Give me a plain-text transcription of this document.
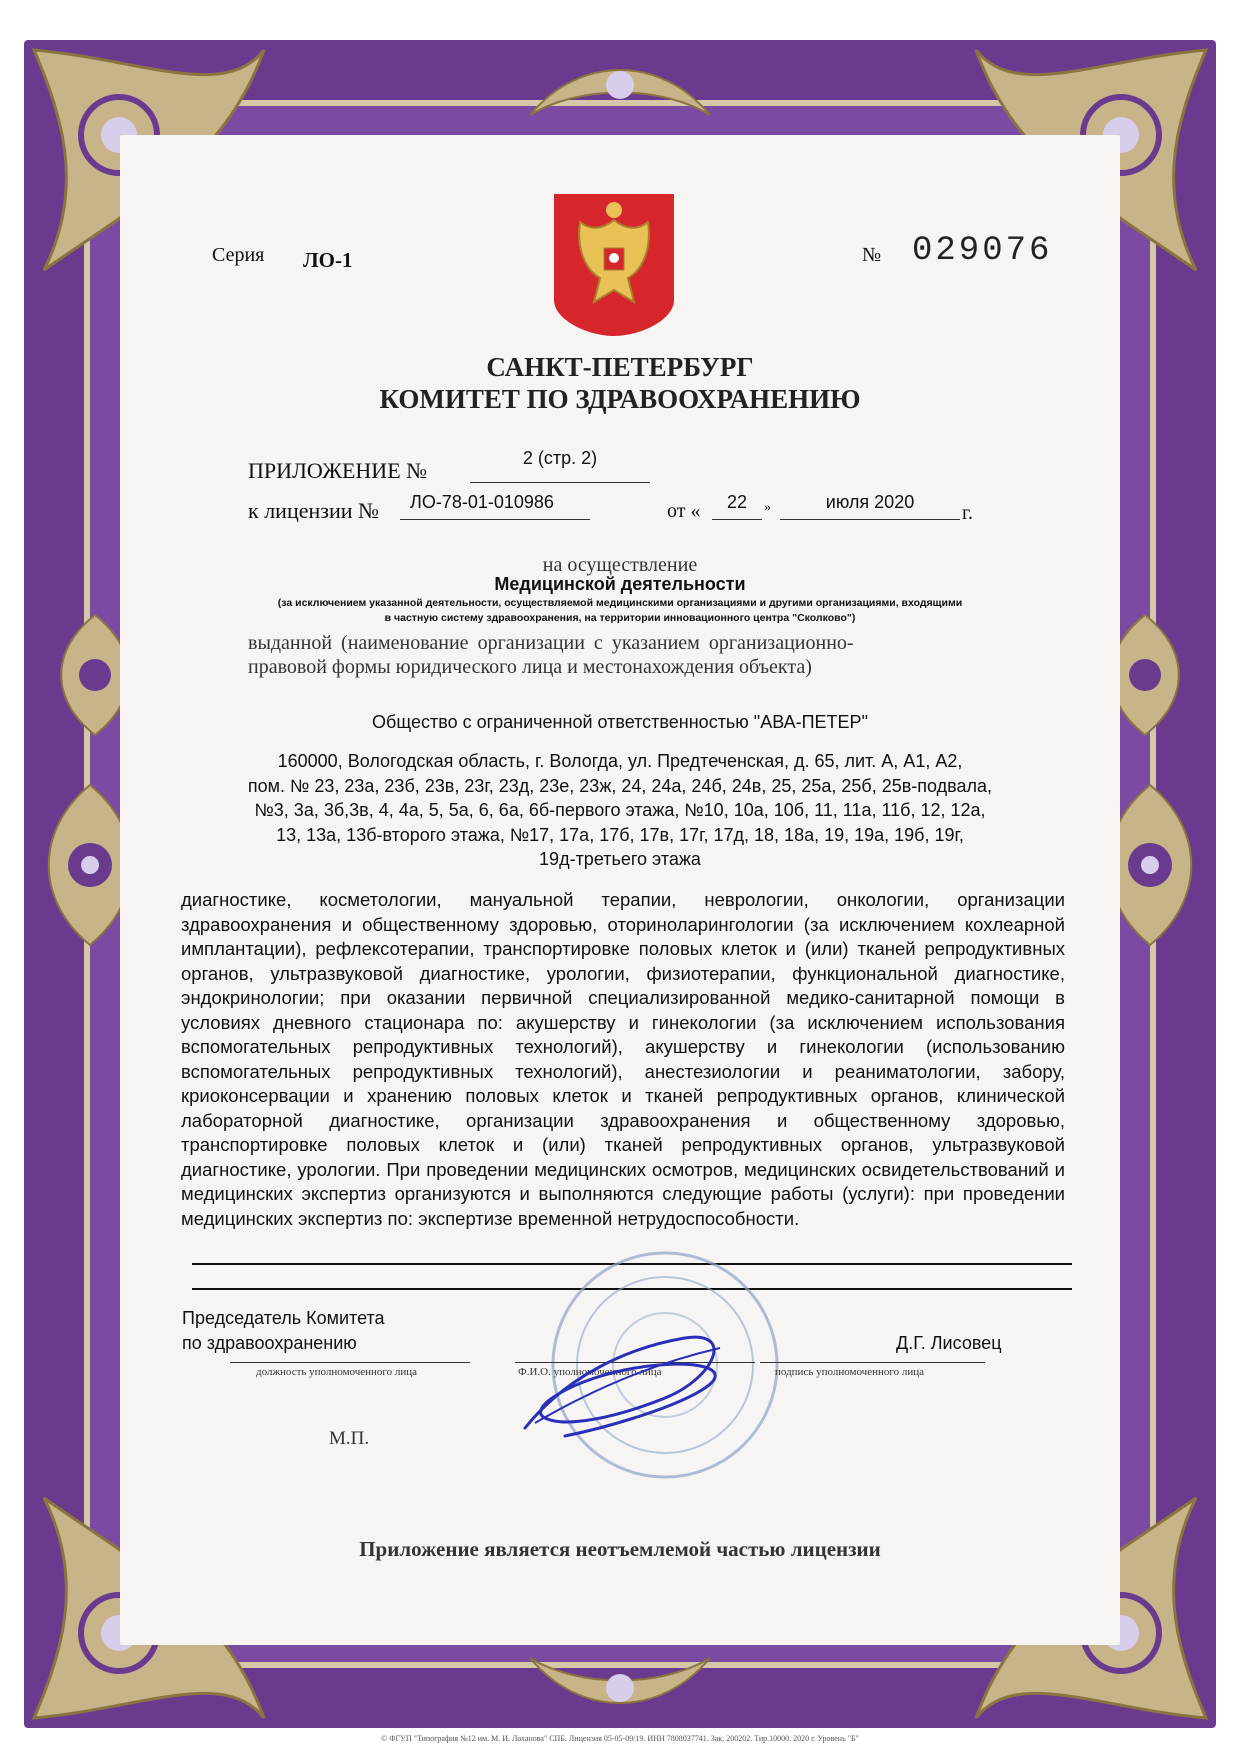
Серия ЛО-1	№ 029076
САНКТ-ПЕТЕРБУРГ
КОМИТЕТ ПО ЗДРАВООХРАНЕНИЮ
ПРИЛОЖЕНИЕ №	2 (стр. 2)
к лицензии № ЛО-78-01-010986	от «	22	»	июля 2020	г.
на осуществление
Медицинской деятельности
(за исключением указанной деятельности, осуществляемой медицинскими организациями и другими организациями, входящими
в частную систему здравоохранения, на территории инновационного центра "Сколково")
выданной (наименование организации с указанием организационно-
правовой формы юридического лица и местонахождения объекта)
Общество с ограниченной ответственностью "АВА-ПЕТЕР"
160000, Вологодская область, г. Вологда, ул. Предтеченская, д. 65, лит. А, А1, А2,
пом. № 23, 23а, 23б, 23в, 23г, 23д, 23е, 23ж, 24, 24а, 24б, 24в, 25, 25а, 25б, 25в-подвала,
№3, 3а, 3б,3в, 4, 4а, 5, 5а, 6, 6а, 6б-первого этажа, №10, 10а, 10б, 11, 11а, 11б, 12, 12а,
13, 13а, 13б-второго этажа, №17, 17а, 17б, 17в, 17г, 17д, 18, 18а, 19, 19а, 19б, 19г,
19д-третьего этажа
диагностике, косметологии, мануальной терапии, неврологии, онкологии, организации здравоохранения и общественному здоровью, оториноларингологии (за исключением кохлеарной имплантации), рефлексотерапии, транспортировке половых клеток и (или) тканей репродуктивных органов, ультразвуковой диагностике, урологии, физиотерапии, функциональной диагностике, эндокринологии; при оказании первичной специализированной медико-санитарной помощи в условиях дневного стационара по: акушерству и гинекологии (за исключением использования вспомогательных репродуктивных технологий), акушерству и гинекологии (использованию вспомогательных репродуктивных технологий), анестезиологии и реаниматологии, забору, криоконсервации и хранению половых клеток и тканей репродуктивных органов, клинической лабораторной диагностике, организации здравоохранения и общественному здоровью, транспортировке половых клеток и (или) тканей репродуктивных органов, ультразвуковой диагностике, урологии. При проведении медицинских осмотров, медицинских освидетельствований и медицинских экспертиз организуются и выполняются следующие работы (услуги): при проведении медицинских экспертиз по: экспертизе временной нетрудоспособности.
Председатель Комитета
по здравоохранению	Д.Г. Лисовец
должность уполномоченного лица	Ф.И.О. уполномоченного лица	подпись уполномоченного лица
М.П.
Приложение является неотъемлемой частью лицензии
© ФГУП "Типография №12 им. М. И. Лоханова" СПБ. Лицензия 05-05-09/19. ИНН 7808037741. Зак. 200202. Тир.10000. 2020 г. Уровень "Б"
